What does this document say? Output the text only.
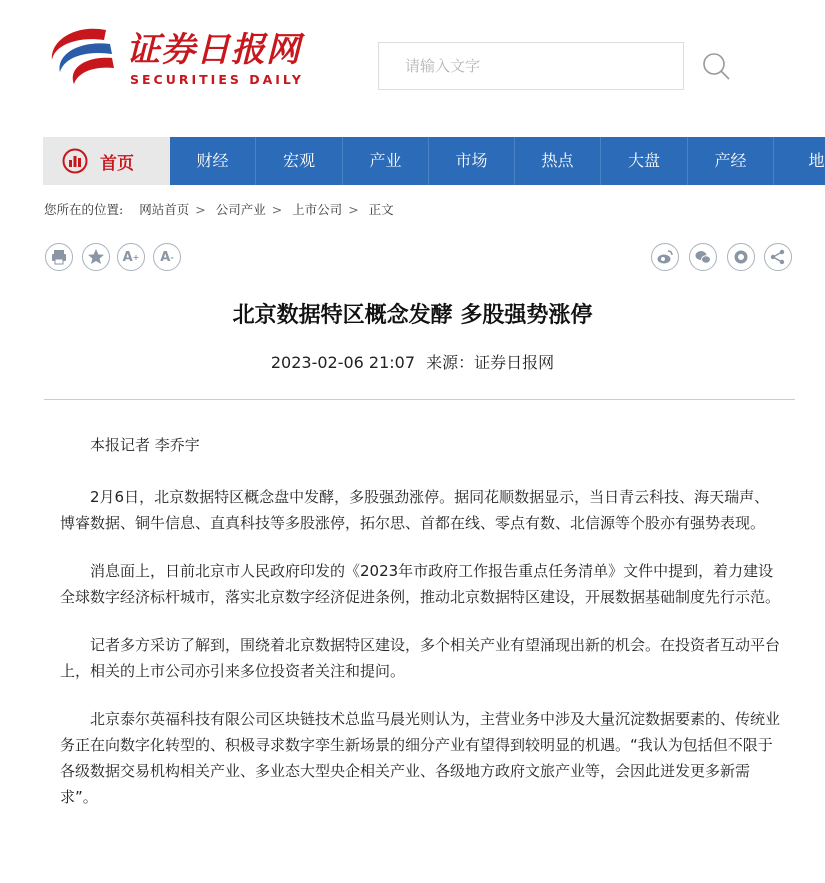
证券日报网
SECURITIES DAILY
请输入文字
首页	财经	宏观	产业	市场	热点	大盘	产经	地
您所在的位置: 网站首页 > 公司产业 > 上市公司 > 正文
A + A -
北京数据特区概念发酵 多股强势涨停
2023-02-06 21:07 来源：证券日报网

本报记者 李乔宇

2月6日，北京数据特区概念盘中发酵，多股强劲涨停。据同花顺数据显示，当日青云科技、海天瑞声、博睿数据、铜牛信息、直真科技等多股涨停，拓尔思、首都在线、零点有数、北信源等个股亦有强势表现。

消息面上，日前北京市人民政府印发的《2023年市政府工作报告重点任务清单》文件中提到，着力建设全球数字经济标杆城市，落实北京数字经济促进条例，推动北京数据特区建设，开展数据基础制度先行示范。

记者多方采访了解到，围绕着北京数据特区建设，多个相关产业有望涌现出新的机会。在投资者互动平台上，相关的上市公司亦引来多位投资者关注和提问。

北京泰尔英福科技有限公司区块链技术总监马晨光则认为，主营业务中涉及大量沉淀数据要素的、传统业务正在向数字化转型的、积极寻求数字孪生新场景的细分产业有望得到较明显的机遇。“我认为包括但不限于各级数据交易机构相关产业、多业态大型央企相关产业、各级地方政府文旅产业等，会因此迸发更多新需求”。
